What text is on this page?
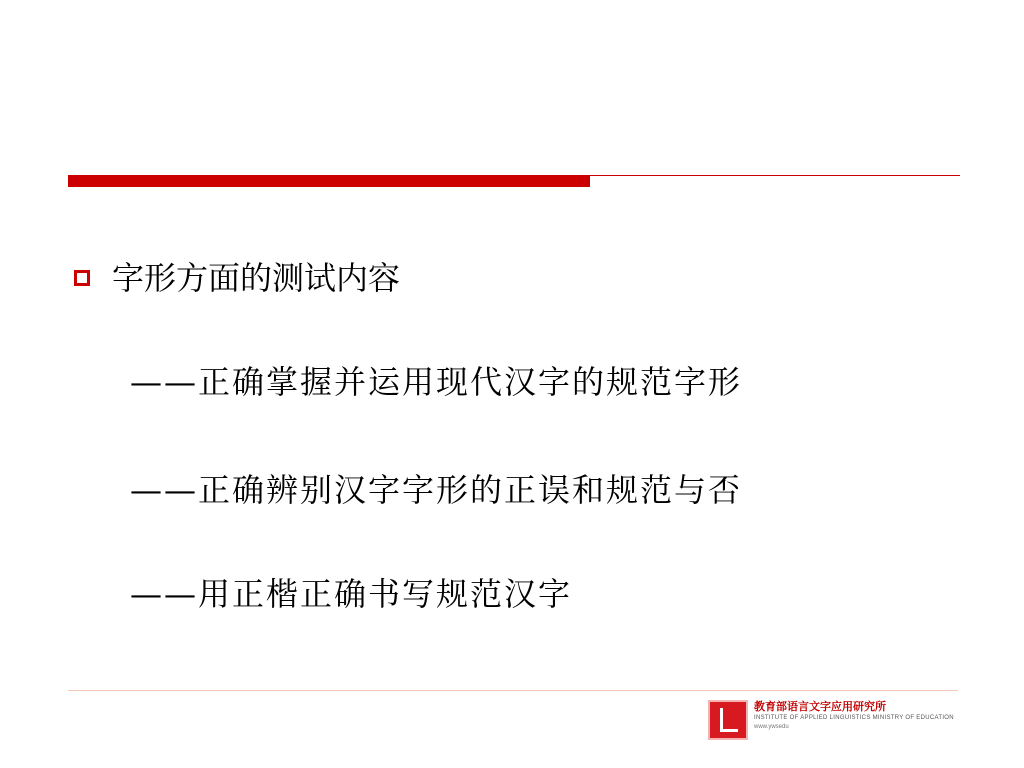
字形方面的测试内容
——正确掌握并运用现代汉字的规范字形
——正确辨别汉字字形的正误和规范与否
——用正楷正确书写规范汉字
教育部语言文字应用研究所
INSTITUTE OF APPLIED LINGUISTICS MINISTRY OF EDUCATION
www.ywsedu
